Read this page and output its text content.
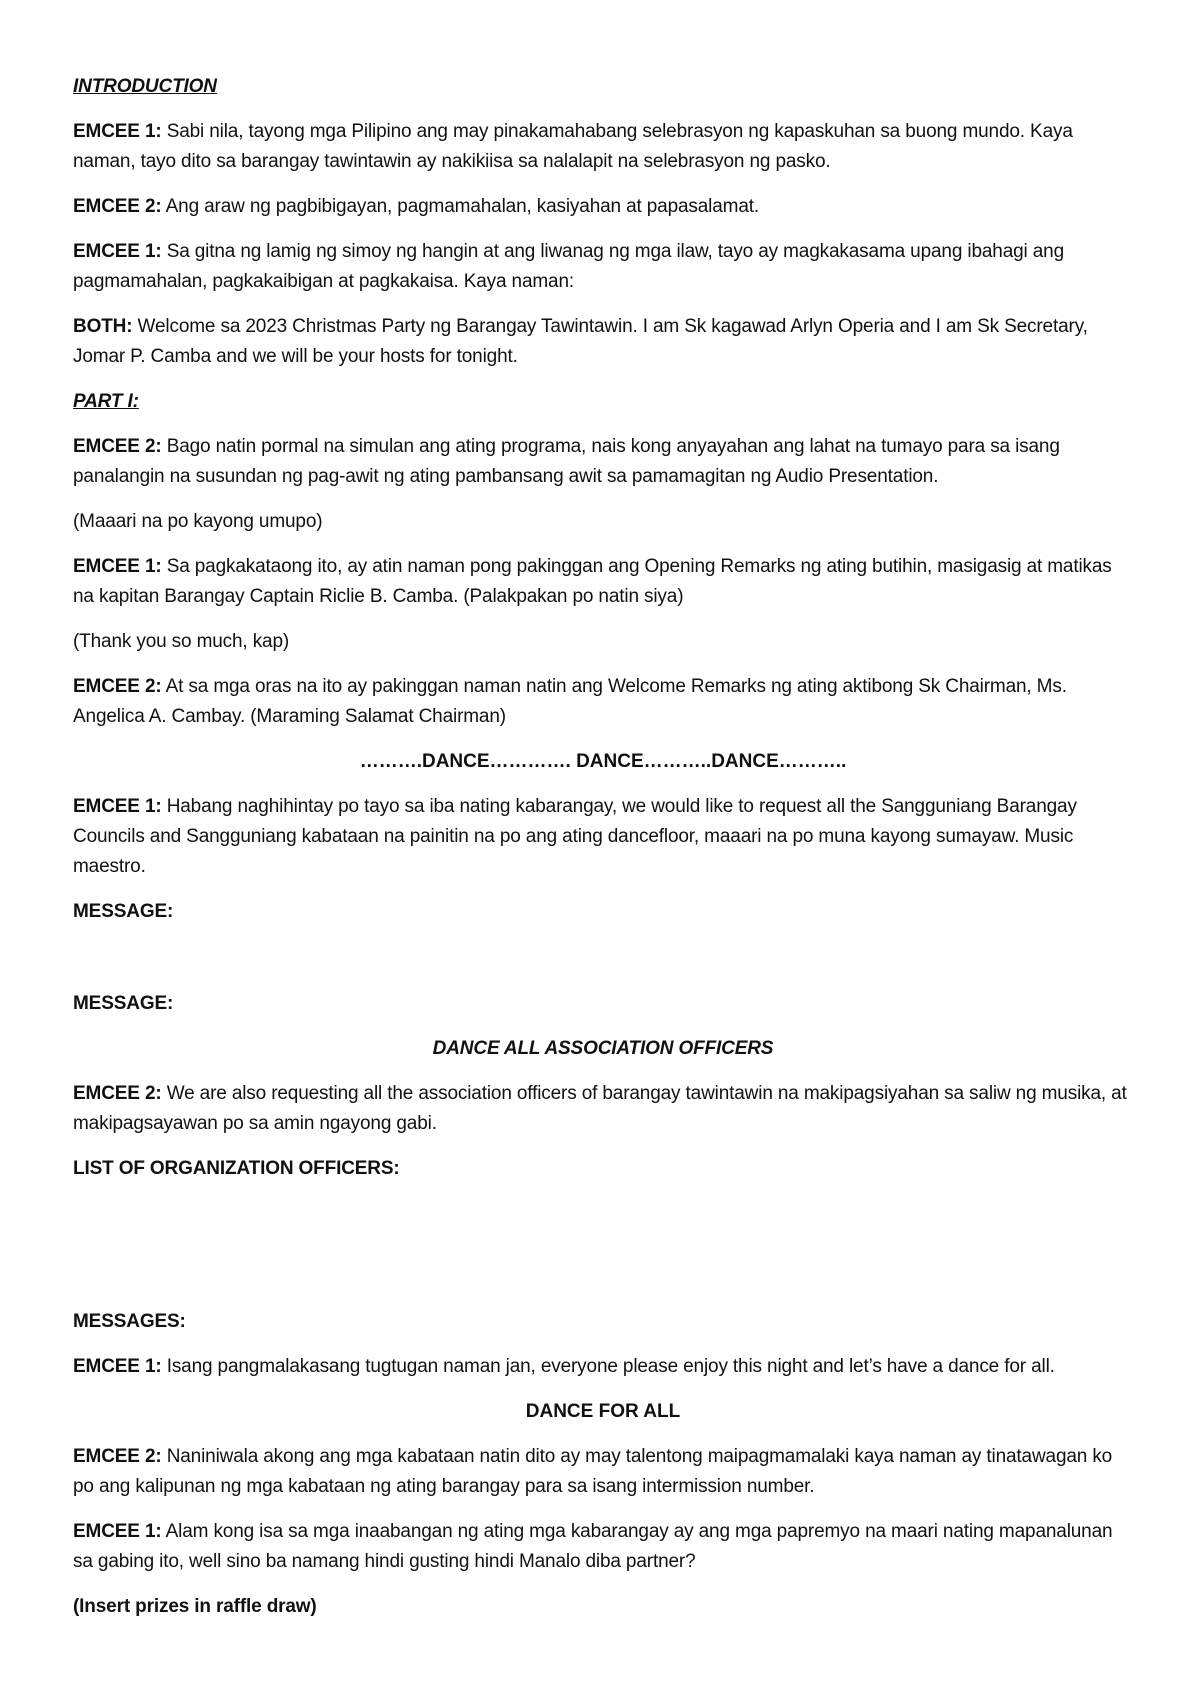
INTRODUCTION

EMCEE 1: Sabi nila, tayong mga Pilipino ang may pinakamahabang selebrasyon ng kapaskuhan sa buong mundo. Kaya naman, tayo dito sa barangay tawintawin ay nakikiisa sa nalalapit na selebrasyon ng pasko.

EMCEE 2: Ang araw ng pagbibigayan, pagmamahalan, kasiyahan at papasalamat.

EMCEE 1: Sa gitna ng lamig ng simoy ng hangin at ang liwanag ng mga ilaw, tayo ay magkakasama upang ibahagi ang pagmamahalan, pagkakaibigan at pagkakaisa. Kaya naman:

BOTH: Welcome sa 2023 Christmas Party ng Barangay Tawintawin. I am Sk kagawad Arlyn Operia and I am Sk Secretary, Jomar P. Camba and we will be your hosts for tonight.

PART I:

EMCEE 2: Bago natin pormal na simulan ang ating programa, nais kong anyayahan ang lahat na tumayo para sa isang panalangin na susundan ng pag-awit ng ating pambansang awit sa pamamagitan ng Audio Presentation.

(Maaari na po kayong umupo)

EMCEE 1: Sa pagkakataong ito, ay atin naman pong pakinggan ang Opening Remarks ng ating butihin, masigasig at matikas na kapitan Barangay Captain Riclie B. Camba. (Palakpakan po natin siya)

(Thank you so much, kap)

EMCEE 2: At sa mga oras na ito ay pakinggan naman natin ang Welcome Remarks ng ating aktibong Sk Chairman, Ms. Angelica A. Cambay. (Maraming Salamat Chairman)

……….DANCE…………. DANCE………..DANCE………..

EMCEE 1: Habang naghihintay po tayo sa iba nating kabarangay, we would like to request all the Sangguniang Barangay Councils and Sangguniang kabataan na painitin na po ang ating dancefloor, maaari na po muna kayong sumayaw. Music maestro.

MESSAGE:

MESSAGE:

DANCE ALL ASSOCIATION OFFICERS

EMCEE 2: We are also requesting all the association officers of barangay tawintawin na makipagsiyahan sa saliw ng musika, at makipagsayawan po sa amin ngayong gabi.

LIST OF ORGANIZATION OFFICERS:

MESSAGES:

EMCEE 1: Isang pangmalakasang tugtugan naman jan, everyone please enjoy this night and let’s have a dance for all.

DANCE FOR ALL

EMCEE 2: Naniniwala akong ang mga kabataan natin dito ay may talentong maipagmamalaki kaya naman ay tinatawagan ko po ang kalipunan ng mga kabataan ng ating barangay para sa isang intermission number.

EMCEE 1: Alam kong isa sa mga inaabangan ng ating mga kabarangay ay ang mga papremyo na maari nating mapanalunan sa gabing ito, well sino ba namang hindi gusting hindi Manalo diba partner?

(Insert prizes in raffle draw)
